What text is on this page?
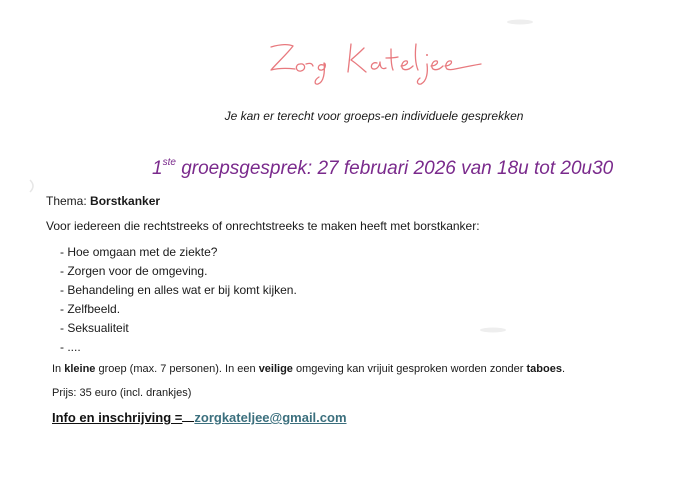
Je kan er terecht voor groeps-en individuele gesprekken
1ste groepsgesprek: 27 februari 2026 van 18u tot 20u30
Thema: Borstkanker
Voor iedereen die rechtstreeks of onrechtstreeks te maken heeft met borstkanker:
- Hoe omgaan met de ziekte?
- Zorgen voor de omgeving.
- Behandeling en alles wat er bij komt kijken.
- Zelfbeeld.
- Seksualiteit
- ....
In kleine groep (max. 7 personen). In een veilige omgeving kan vrijuit gesproken worden zonder taboes.
Prijs: 35 euro (incl. drankjes)
Info en inschrijving = zorgkateljee@gmail.com
